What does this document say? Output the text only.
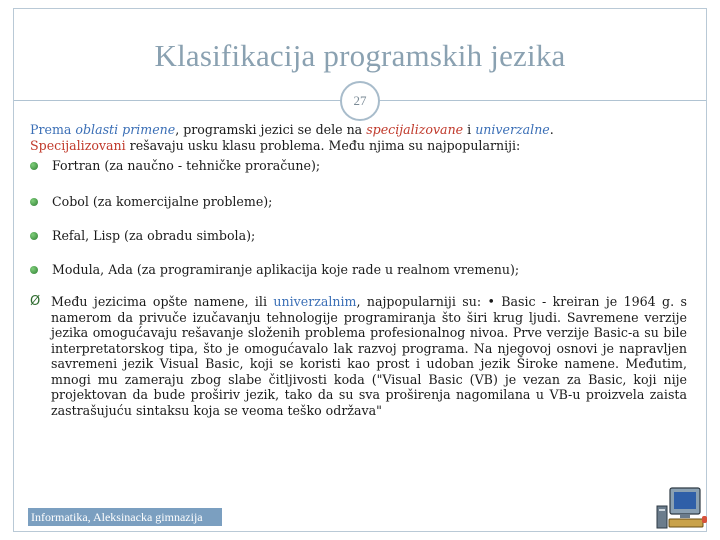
Klasifikacija programskih jezika
27
Prema oblasti primene, programski jezici se dele na specijalizovane i univerzalne.
Specijalizovani rešavaju usku klasu problema. Među njima su najpopularniji:
Fortran (za naučno - tehničke proračune);
Cobol (za komercijalne probleme);
Refal, Lisp (za obradu simbola);
Modula, Ada (za programiranje aplikacija koje rade u realnom vremenu);
Ø Među jezicima opšte namene, ili univerzalnim, najpopularniji su: • Basic - kreiran je 1964 g. s namerom da privuče izučavanju tehnologije programiranja što širi krug ljudi. Savremene verzije jezika omogućavaju rešavanje složenih problema profesionalnog nivoa. Prve verzije Basic-a su bile interpretatorskog tipa, što je omogućavalo lak razvoj programa. Na njegovoj osnovi je napravljen savremeni jezik Visual Basic, koji se koristi kao prost i udoban jezik Široke namene. Međutim, mnogi mu zameraju zbog slabe čitljivosti koda ("Visual Basic (VB) je vezan za Basic, koji nije projektovan da bude proširiv jezik, tako da su sva proširenja nagomilana u VB-u proizvela zaista zastrašujuću sintaksu koja se veoma teško održava"
Informatika, Aleksinacka gimnazija
